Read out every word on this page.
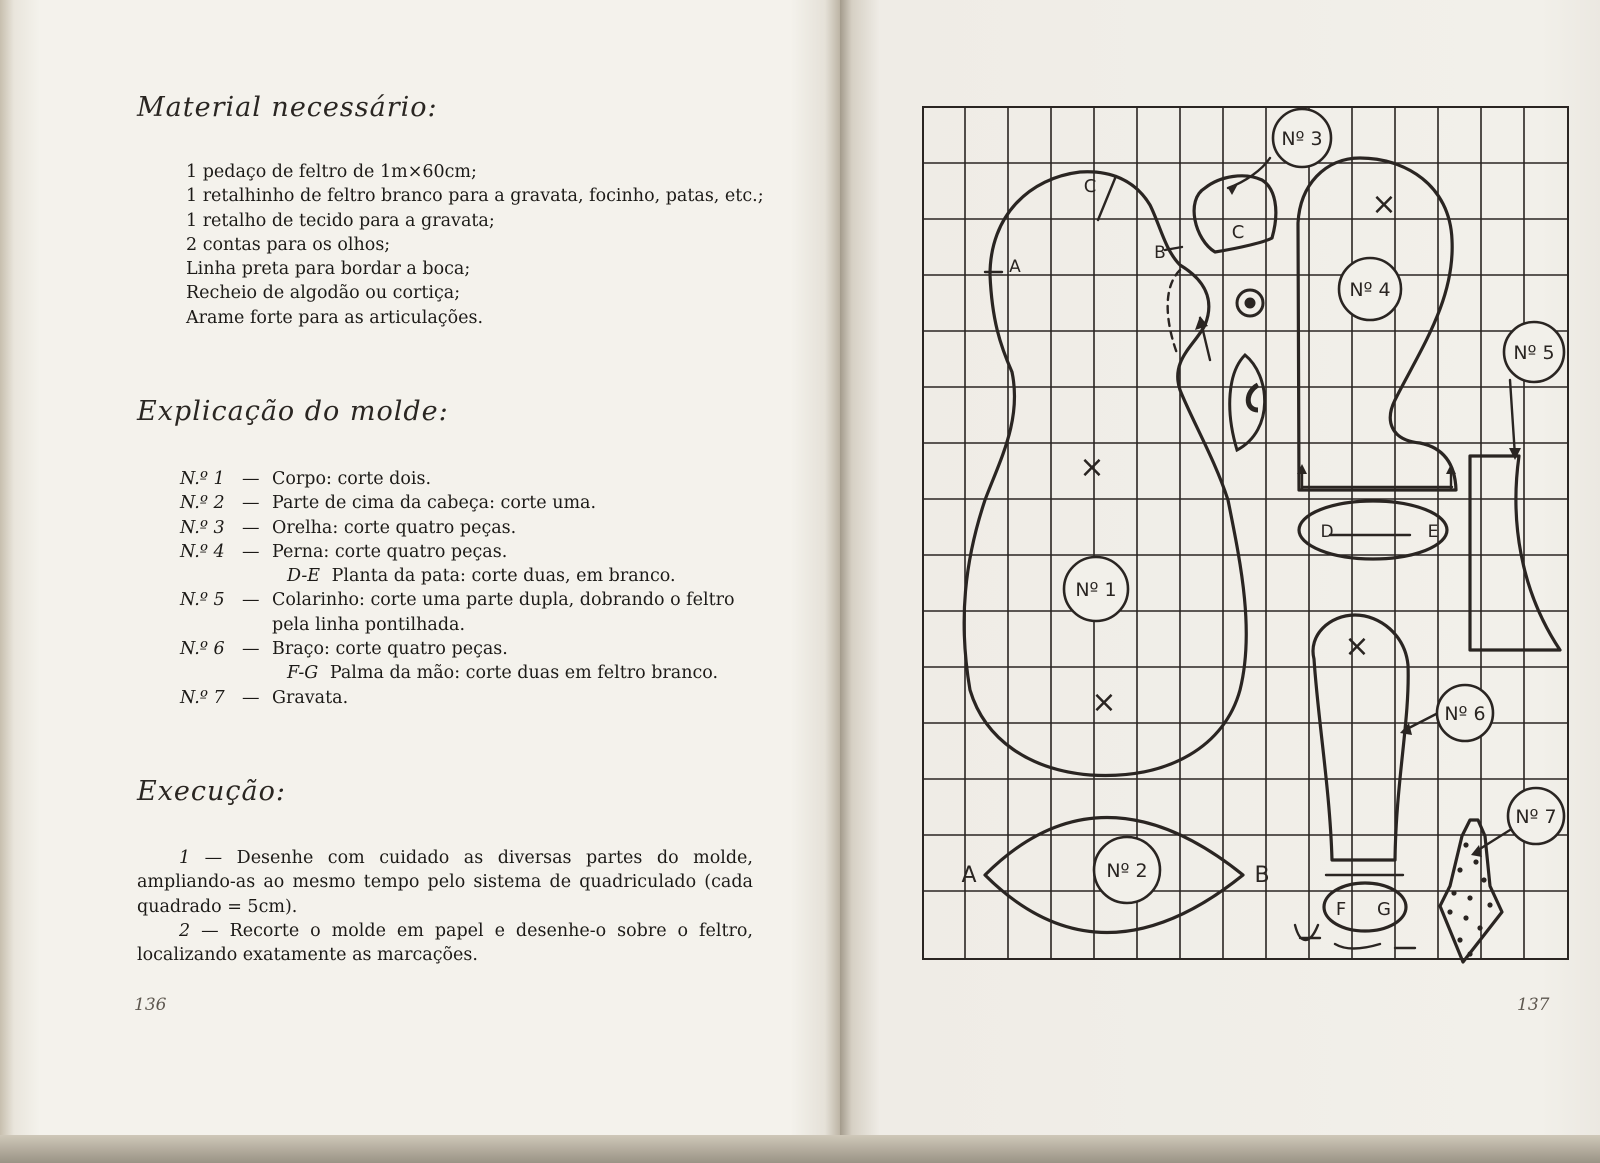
Material necessário:
1 pedaço de feltro de 1m×60cm;
1 retalhinho de feltro branco para a gravata, focinho, patas, etc.;
1 retalho de tecido para a gravata;
2 contas para os olhos;
Linha preta para bordar a boca;
Recheio de algodão ou cortiça;
Arame forte para as articulações.
Explicação do molde:
N.º 1 — Corpo: corte dois.
N.º 2 — Parte de cima da cabeça: corte uma.
N.º 3 — Orelha: corte quatro peças.
N.º 4 — Perna: corte quatro peças.
D-E Planta da pata: corte duas, em branco.
N.º 5 — Colarinho: corte uma parte dupla, dobrando o feltro pela linha pontilhada.
N.º 6 — Braço: corte quatro peças.
F-G Palma da mão: corte duas em feltro branco.
N.º 7 — Gravata.
Execução:

1 — Desenhe com cuidado as diversas partes do molde, ampliando-as ao mesmo tempo pelo sistema de quadriculado (cada quadrado = 5cm).

2 — Recorte o molde em papel e desenhe-o sobre o feltro, localizando exatamente as marcações.

136	137

Nº 1
Nº 2
Nº 3
Nº 4
Nº 5
Nº 6
Nº 7
A
B
C
C
A	B
D	E
F G
×
×
×
×
